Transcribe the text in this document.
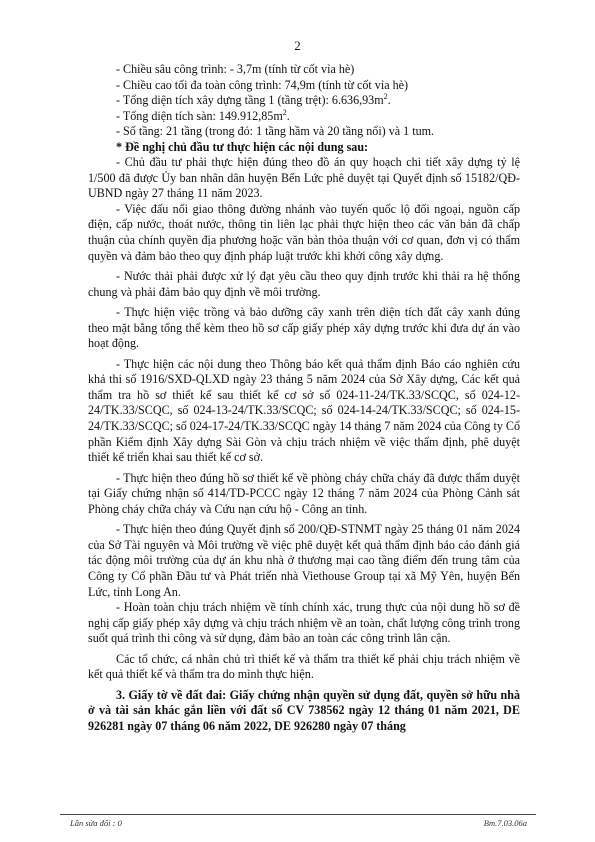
2

- Chiều sâu công trình: - 3,7m (tính từ cốt vỉa hè)

- Chiều cao tối đa toàn công trình: 74,9m (tính từ cốt vỉa hè)

- Tổng diện tích xây dựng tầng 1 (tầng trệt): $6.636,93m^2$.

- Tổng diện tích sàn: $149.912,85m^2$.

- Số tầng: 21 tầng (trong đó: 1 tầng hầm và 20 tầng nổi) và 1 tum.

* Đề nghị chủ đầu tư thực hiện các nội dung sau:

- Chủ đầu tư phải thực hiện đúng theo đồ án quy hoạch chi tiết xây dựng tỷ lệ 1/500 đã được Ủy ban nhân dân huyện Bến Lức phê duyệt tại Quyết định số 15182/QĐ-UBND ngày 27 tháng 11 năm 2023.

- Việc đấu nối giao thông đường nhánh vào tuyến quốc lộ đối ngoại, nguồn cấp điện, cấp nước, thoát nước, thông tin liên lạc phải thực hiện theo các văn bản đã chấp thuận của chính quyền địa phương hoặc văn bản thỏa thuận với cơ quan, đơn vị có thẩm quyền và đảm bảo theo quy định pháp luật trước khi khởi công xây dựng.

- Nước thải phải được xử lý đạt yêu cầu theo quy định trước khi thải ra hệ thống chung và phải đảm bảo quy định về môi trường.

- Thực hiện việc trồng và bảo dưỡng cây xanh trên diện tích đất cây xanh đúng theo mặt bằng tổng thể kèm theo hồ sơ cấp giấy phép xây dựng trước khi đưa dự án vào hoạt động.

- Thực hiện các nội dung theo Thông báo kết quả thẩm định Báo cáo nghiên cứu khả thi số 1916/SXD-QLXD ngày 23 tháng 5 năm 2024 của Sở Xây dựng, Các kết quả thẩm tra hồ sơ thiết kế sau thiết kế cơ sở số 024-11-24/TK.33/SCQC, số 024-12-24/TK.33/SCQC, số 024-13-24/TK.33/SCQC; số 024-14-24/TK.33/SCQC; số 024-15-24/TK.33/SCQC; số 024-17-24/TK.33/SCQC ngày 14 tháng 7 năm 2024 của Công ty Cổ phần Kiểm định Xây dựng Sài Gòn và chịu trách nhiệm về việc thẩm định, phê duyệt thiết kế triển khai sau thiết kế cơ sở.

- Thực hiện theo đúng hồ sơ thiết kế về phòng cháy chữa cháy đã được thẩm duyệt tại Giấy chứng nhận số 414/TD-PCCC ngày 12 tháng 7 năm 2024 của Phòng Cảnh sát Phòng cháy chữa cháy và Cứu nạn cứu hộ - Công an tỉnh.

- Thực hiện theo đúng Quyết định số 200/QĐ-STNMT ngày 25 tháng 01 năm 2024 của Sở Tài nguyên và Môi trường về việc phê duyệt kết quả thẩm định báo cáo đánh giá tác động môi trường của dự án khu nhà ở thương mại cao tầng điểm đến trung tâm của Công ty Cổ phần Đầu tư và Phát triển nhà Viethouse Group tại xã Mỹ Yên, huyện Bến Lức, tỉnh Long An.

- Hoàn toàn chịu trách nhiệm về tính chính xác, trung thực của nội dung hồ sơ đề nghị cấp giấy phép xây dựng và chịu trách nhiệm về an toàn, chất lượng công trình trong suốt quá trình thi công và sử dụng, đảm bảo an toàn các công trình lân cận.

Các tổ chức, cá nhân chủ trì thiết kế và thẩm tra thiết kế phải chịu trách nhiệm về kết quả thiết kế và thẩm tra do mình thực hiện.

3. Giấy tờ về đất đai: Giấy chứng nhận quyền sử dụng đất, quyền sở hữu nhà ở và tài sản khác gắn liền với đất số CV 738562 ngày 12 tháng 01 năm 2021, DE 926281 ngày 07 tháng 06 năm 2022, DE 926280 ngày 07 tháng

Lần sửa đổi : 0	Bm.7.03.06a
